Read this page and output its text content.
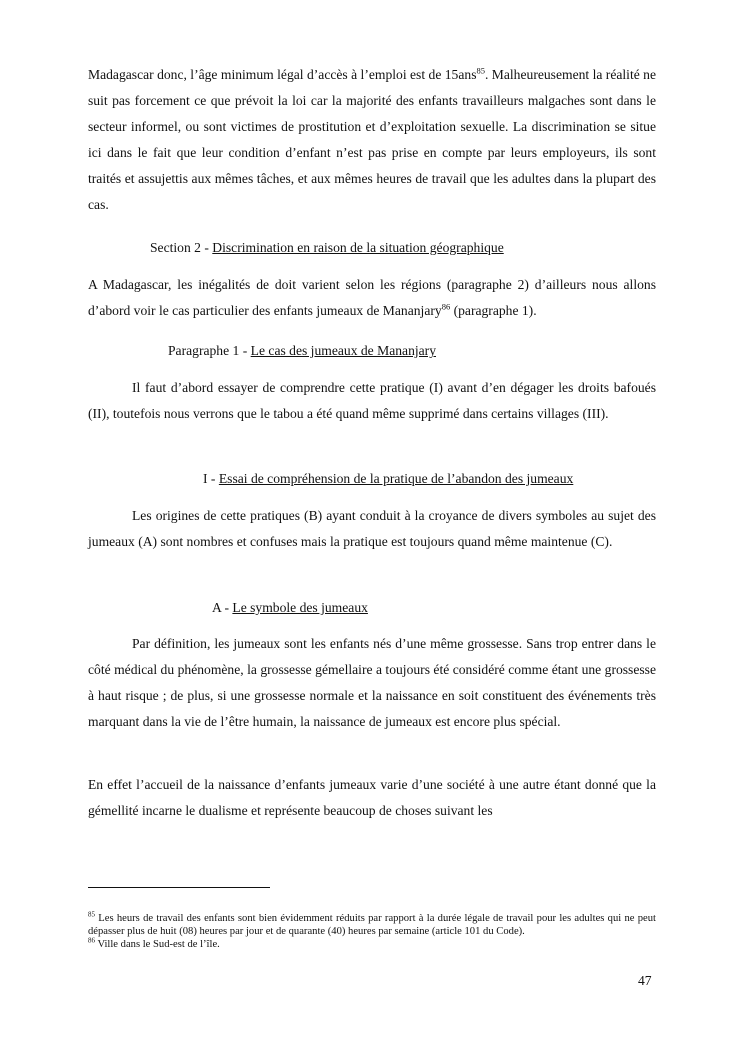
Madagascar donc, l’âge minimum légal d’accès à l’emploi est de 15ans$^{85}$. Malheureusement la réalité ne suit pas forcement ce que prévoit la loi car la majorité des enfants travailleurs malgaches sont dans le secteur informel, ou sont victimes de prostitution et d’exploitation sexuelle. La discrimination se situe ici dans le fait que leur condition d’enfant n’est pas prise en compte par leurs employeurs, ils sont traités et assujettis aux mêmes tâches, et aux mêmes heures de travail que les adultes dans la plupart des cas.

Section 2 - Discrimination en raison de la situation géographique

A Madagascar, les inégalités de doit varient selon les régions (paragraphe 2) d’ailleurs nous allons d’abord voir le cas particulier des enfants jumeaux de Mananjary$^{86}$ (paragraphe 1).

Paragraphe 1 - Le cas des jumeaux de Mananjary

Il faut d’abord essayer de comprendre cette pratique (I) avant d’en dégager les droits bafoués (II), toutefois nous verrons que le tabou a été quand même supprimé dans certains villages (III).

I - Essai de compréhension de la pratique de l’abandon des jumeaux

Les origines de cette pratiques (B) ayant conduit à la croyance de divers symboles au sujet des jumeaux (A) sont nombres et confuses mais la pratique est toujours quand même maintenue (C).

A - Le symbole des jumeaux

Par définition, les jumeaux sont les enfants nés d’une même grossesse. Sans trop entrer dans le côté médical du phénomène, la grossesse gémellaire a toujours été considéré comme étant une grossesse à haut risque ; de plus, si une grossesse normale et la naissance en soit constituent des événements très marquant dans la vie de l’être humain, la naissance de jumeaux est encore plus spécial.

En effet l’accueil de la naissance d’enfants jumeaux varie d’une société à une autre étant donné que la gémellité incarne le dualisme et représente beaucoup de choses suivant les

$^{85}$ Les heurs de travail des enfants sont bien évidemment réduits par rapport à la durée légale de travail pour les adultes qui ne peut dépasser plus de huit (08) heures par jour et de quarante (40) heures par semaine (article 101 du Code).
$^{86}$ Ville dans le Sud-est de l’île.
47
